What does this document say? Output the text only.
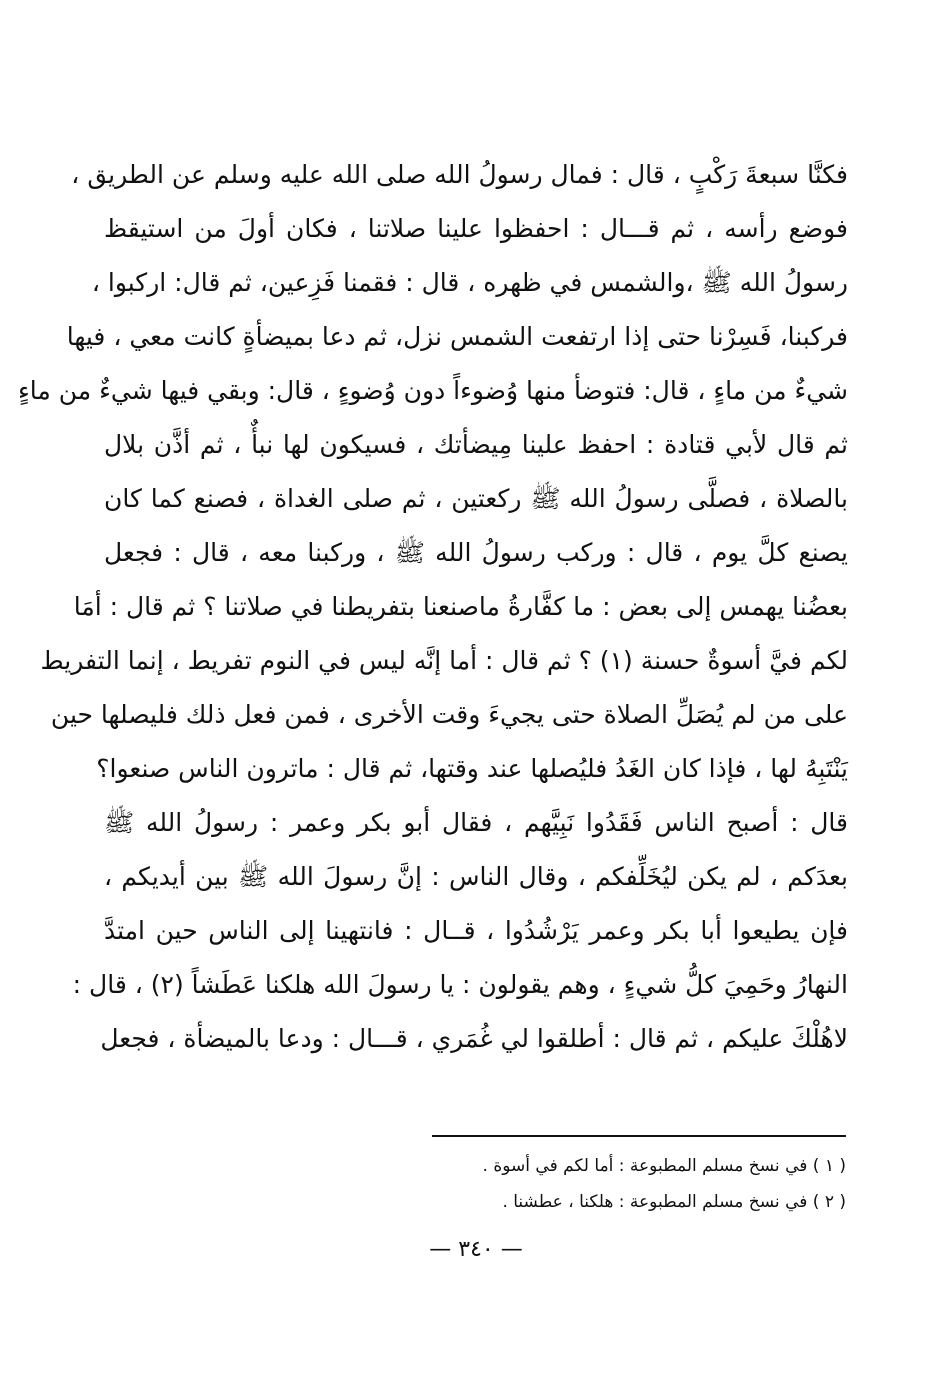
فكنَّا سبعةَ رَكْبٍ ، قال : فمال رسولُ الله صلى الله عليه وسلم عن الطريق ،
فوضع رأسه ، ثم قـــال : احفظوا علينا صلاتنا ، فكان أولَ من استيقظ
رسولُ الله ﷺ ،والشمس في ظهره ، قال : فقمنا فَزِعين، ثم قال: اركبوا ،
فركبنا، فَسِرْنا حتى إذا ارتفعت الشمس نزل، ثم دعا بميضأةٍ كانت معي ، فيها
شيءٌ من ماءٍ ، قال: فتوضأ منها وُضوءاً دون وُضوءٍ ، قال: وبقي فيها شيءٌ من ماءٍ
ثم قال لأبي قتادة : احفظ علينا مِيضأتك ، فسيكون لها نبأٌ ، ثم أذَّن بلال
بالصلاة ، فصلَّى رسولُ الله ﷺ ركعتين ، ثم صلى الغداة ، فصنع كما كان
يصنع كلَّ يوم ، قال : وركب رسولُ الله ﷺ ، وركبنا معه ، قال : فجعل
بعضُنا يهمس إلى بعض : ما كفَّارةُ ماصنعنا بتفريطنا في صلاتنا ؟ ثم قال : أمَا
لكم فيَّ أسوةٌ حسنة (١) ؟ ثم قال : أما إنَّه ليس في النوم تفريط ، إنما التفريط
على من لم يُصَلِّ الصلاة حتى يجيءَ وقت الأخرى ، فمن فعل ذلك فليصلها حين
يَنْتَبِهُ لها ، فإذا كان الغَدُ فليُصلها عند وقتها، ثم قال : ماترون الناس صنعوا؟
قال : أصبح الناس فَقَدُوا نَبِيَّهم ، فقال أبو بكر وعمر : رسولُ الله ﷺ
بعدَكم ، لم يكن ليُخَلِّفكم ، وقال الناس : إنَّ رسولَ الله ﷺ بين أيديكم ،
فإن يطيعوا أبا بكر وعمر يَرْشُدُوا ، قــال : فانتهينا إلى الناس حين امتدَّ
النهارُ وحَمِيَ كلُّ شيءٍ ، وهم يقولون : يا رسولَ الله هلكنا عَطَشاً (٢) ، قال :
لاهُلْكَ عليكم ، ثم قال : أطلقوا لي غُمَري ، قـــال : ودعا بالميضأة ، فجعل
( ١ ) في نسخ مسلم المطبوعة : أما لكم في أسوة .
( ٢ ) في نسخ مسلم المطبوعة : هلكنا ، عطشنا .
— ٣٤٠ —
